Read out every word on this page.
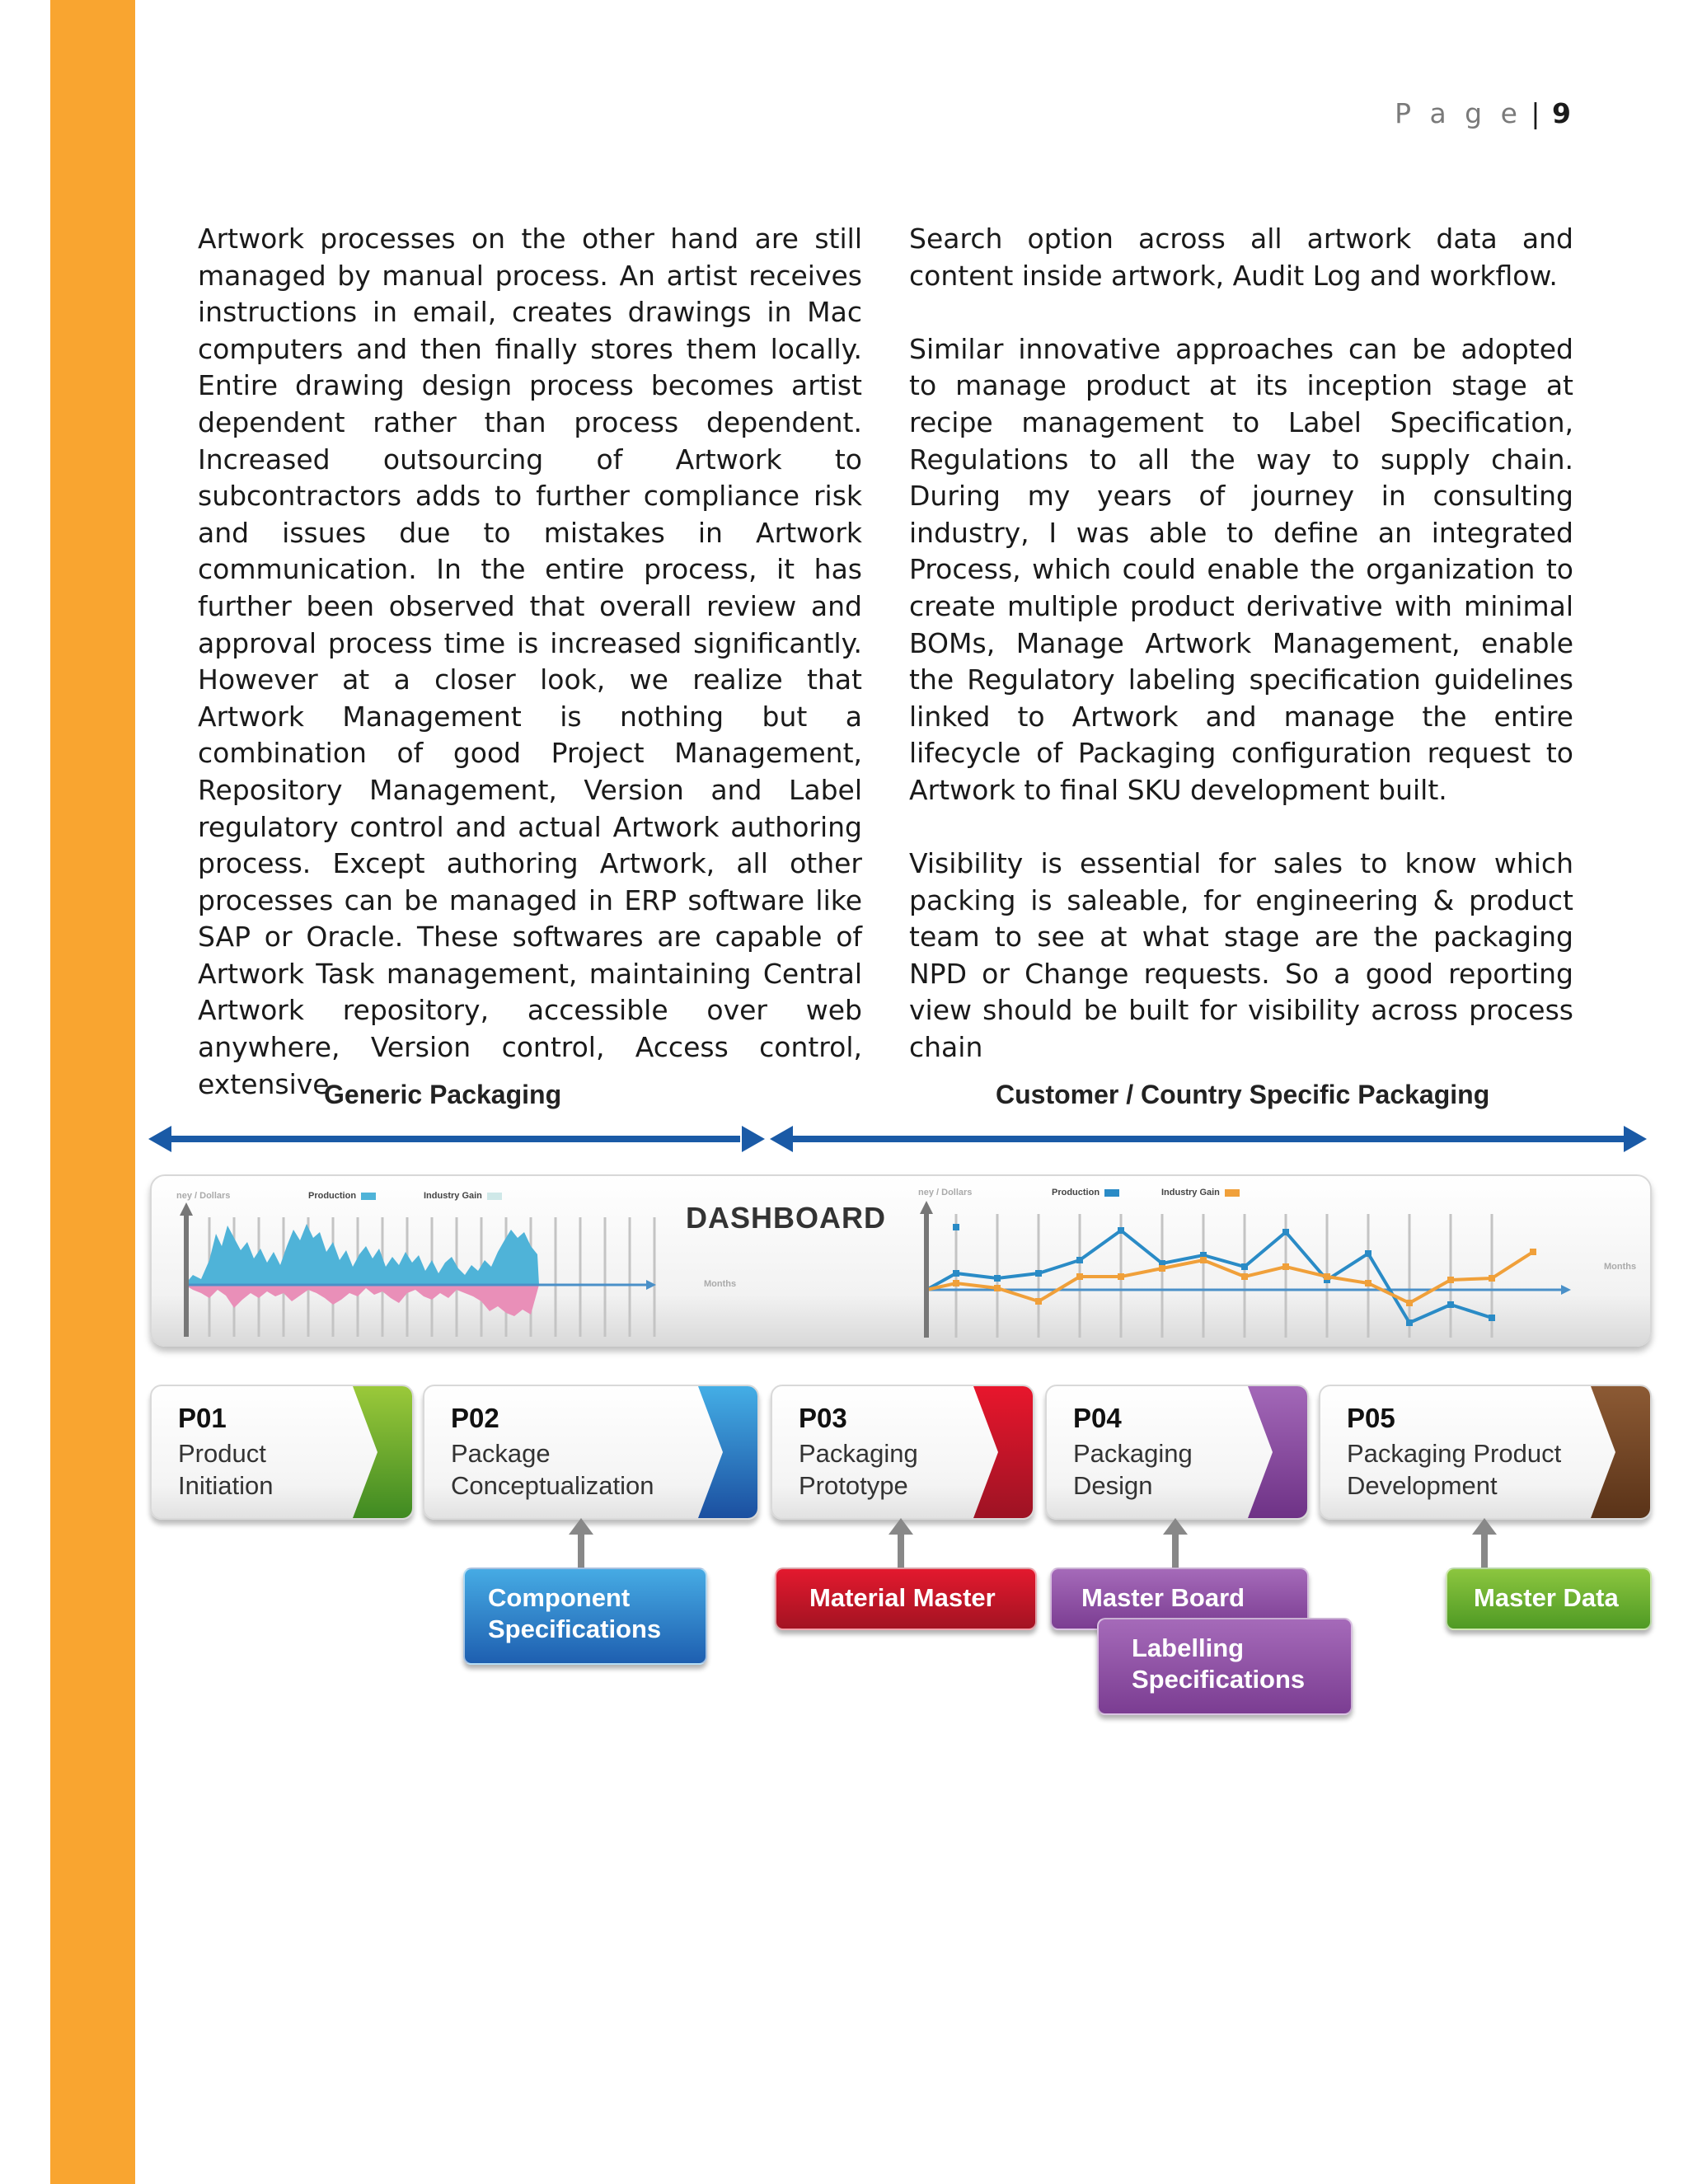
P a g e | 9

Artwork processes on the other hand are still managed by manual process. An artist receives instructions in email, creates drawings in Mac computers and then finally stores them locally. Entire drawing design process becomes artist dependent rather than process dependent. Increased outsourcing of Artwork to subcontractors adds to further compliance risk and issues due to mistakes in Artwork communication. In the entire process, it has further been observed that overall review and approval process time is increased significantly. However at a closer look, we realize that Artwork Management is nothing but a combination of good Project Management, Repository Management, Version and Label regulatory control and actual Artwork authoring process. Except authoring Artwork, all other processes can be managed in ERP software like SAP or Oracle. These softwares are capable of Artwork Task management, maintaining Central Artwork repository, accessible over web anywhere, Version control, Access control, extensive

Search option across all artwork data and content inside artwork, Audit Log and workflow.

Similar innovative approaches can be adopted to manage product at its inception stage at recipe management to Label Specification, Regulations to all the way to supply chain. During my years of journey in consulting industry, I was able to define an integrated Process, which could enable the organization to create multiple product derivative with minimal BOMs, Manage Artwork Management, enable the Regulatory labeling specification guidelines linked to Artwork and manage the entire lifecycle of Packaging configuration request to Artwork to final SKU development built.

Visibility is essential for sales to know which packing is saleable, for engineering & product team to see at what stage are the packaging NPD or Change requests. So a good reporting view should be built for visibility across process chain

Generic Packaging	Customer / Country Specific Packaging
DASHBOARD
ney / Dollars	Production	Industry Gain
Months
ney / Dollars	Production	Industry Gain
Months
P01
Product
Initiation
P02
Package
Conceptualization
P03
Packaging
Prototype
P04
Packaging
Design
P05
Packaging Product
Development
Component
Specifications
Material Master	Master Board
Labelling
Specifications
Master Data
